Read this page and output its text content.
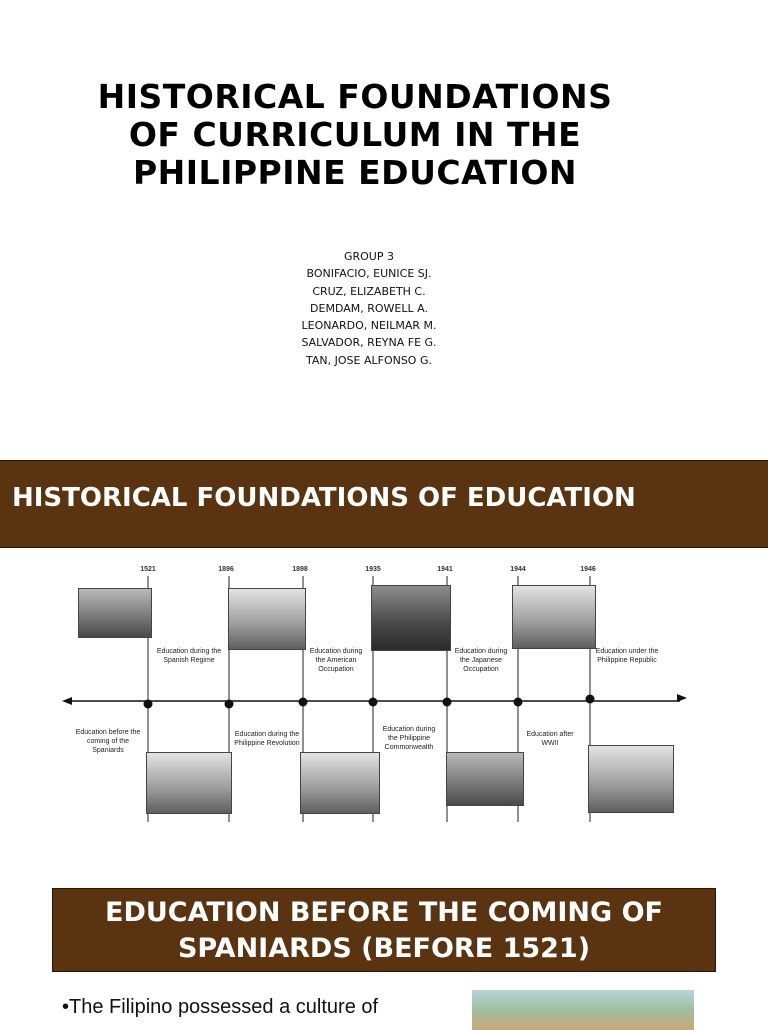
HISTORICAL FOUNDATIONS
OF CURRICULUM IN THE
PHILIPPINE EDUCATION
GROUP 3
BONIFACIO, EUNICE SJ.
CRUZ, ELIZABETH C.
DEMDAM, ROWELL A.
LEONARDO, NEILMAR M.
SALVADOR, REYNA FE G.
TAN, JOSE ALFONSO G.
HISTORICAL FOUNDATIONS OF EDUCATION
1521	1896	1898	1935	1941	1944	1946
Education during the
Spanish Regime
Education during
the American
Occupation
Education during
the Japanese
Occupation
Education under the
Philippine Republic
Education before the
coming of the
Spaniards
Education during the
Philippine Revolution
Education during
the Philippine
Commonwealth
Education after
WWII
EDUCATION BEFORE THE COMING OF
SPANIARDS (BEFORE 1521)
•The Filipino possessed a culture of
